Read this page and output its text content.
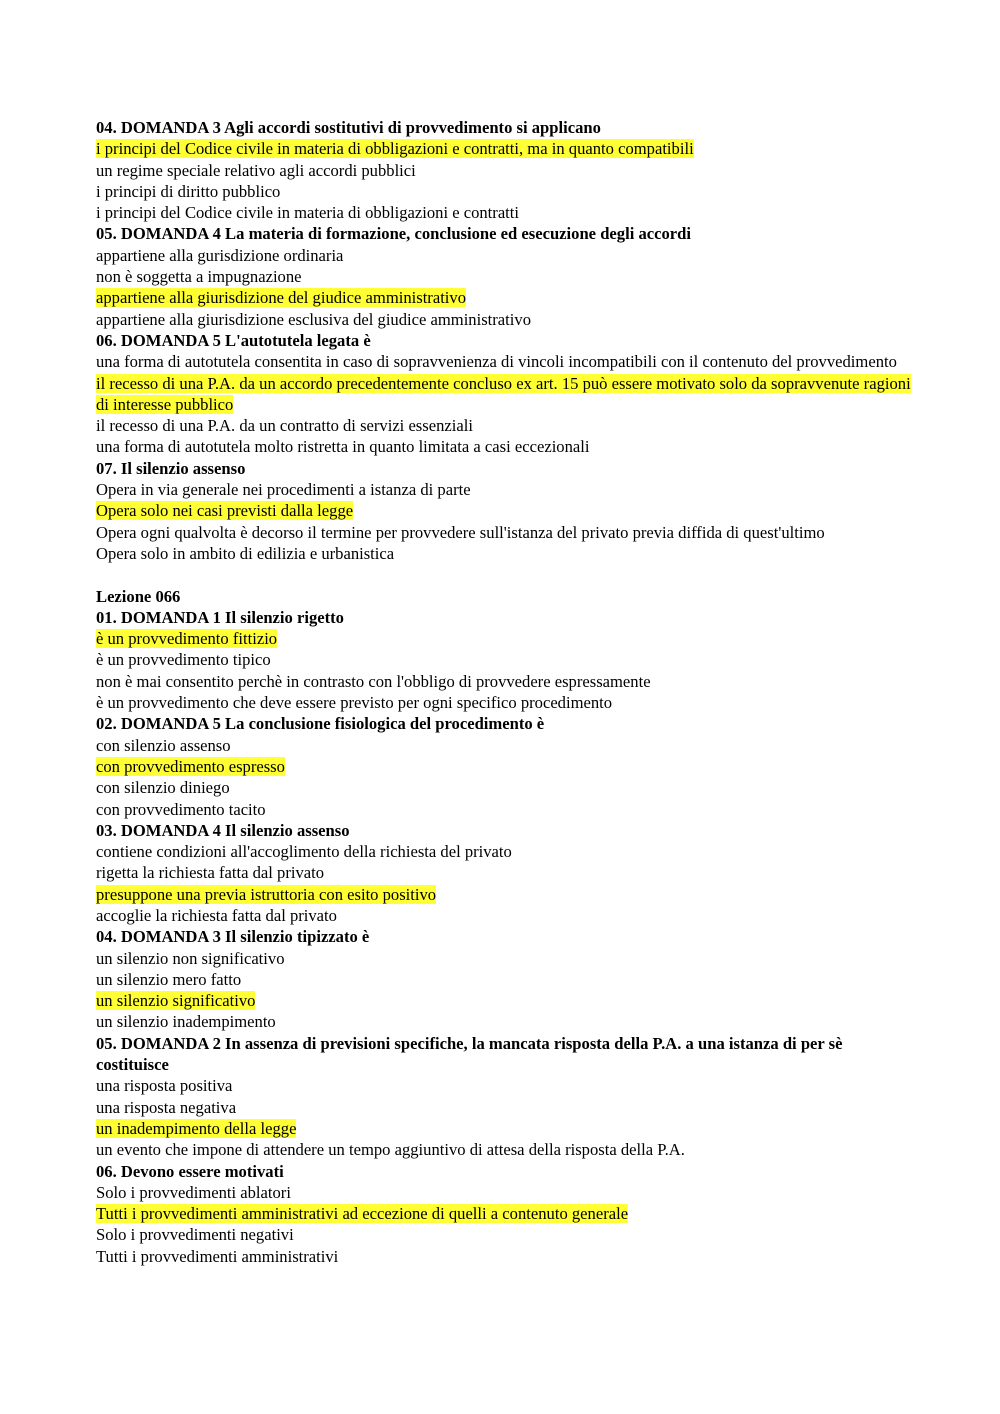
04. DOMANDA 3 Agli accordi sostitutivi di provvedimento si applicano
i principi del Codice civile in materia di obbligazioni e contratti, ma in quanto compatibili
un regime speciale relativo agli accordi pubblici
i principi di diritto pubblico
i principi del Codice civile in materia di obbligazioni e contratti
05. DOMANDA 4 La materia di formazione, conclusione ed esecuzione degli accordi
appartiene alla gurisdizione ordinaria
non è soggetta a impugnazione
appartiene alla giurisdizione del giudice amministrativo
appartiene alla giurisdizione esclusiva del giudice amministrativo
06. DOMANDA 5 L'autotutela legata è
una forma di autotutela consentita in caso di sopravvenienza di vincoli incompatibili con il contenuto del provvedimento
il recesso di una P.A. da un accordo precedentemente concluso ex art. 15 può essere motivato solo da sopravvenute ragioni di interesse pubblico
il recesso di una P.A. da un contratto di servizi essenziali
una forma di autotutela molto ristretta in quanto limitata a casi eccezionali
07. Il silenzio assenso
Opera in via generale nei procedimenti a istanza di parte
Opera solo nei casi previsti dalla legge
Opera ogni qualvolta è decorso il termine per provvedere sull'istanza del privato previa diffida di quest'ultimo
Opera solo in ambito di edilizia e urbanistica
Lezione 066
01. DOMANDA 1 Il silenzio rigetto
è un provvedimento fittizio
è un provvedimento tipico
non è mai consentito perchè in contrasto con l'obbligo di provvedere espressamente
è un provvedimento che deve essere previsto per ogni specifico procedimento
02. DOMANDA 5 La conclusione fisiologica del procedimento è
con silenzio assenso
con provvedimento espresso
con silenzio diniego
con provvedimento tacito
03. DOMANDA 4 Il silenzio assenso
contiene condizioni all'accoglimento della richiesta del privato
rigetta la richiesta fatta dal privato
presuppone una previa istruttoria con esito positivo
accoglie la richiesta fatta dal privato
04. DOMANDA 3 Il silenzio tipizzato è
un silenzio non significativo
un silenzio mero fatto
un silenzio significativo
un silenzio inadempimento
05. DOMANDA 2 In assenza di previsioni specifiche, la mancata risposta della P.A. a una istanza di per sè costituisce
una risposta positiva
una risposta negativa
un inadempimento della legge
un evento che impone di attendere un tempo aggiuntivo di attesa della risposta della P.A.
06. Devono essere motivati
Solo i provvedimenti ablatori
Tutti i provvedimenti amministrativi ad eccezione di quelli a contenuto generale
Solo i provvedimenti negativi
Tutti i provvedimenti amministrativi
